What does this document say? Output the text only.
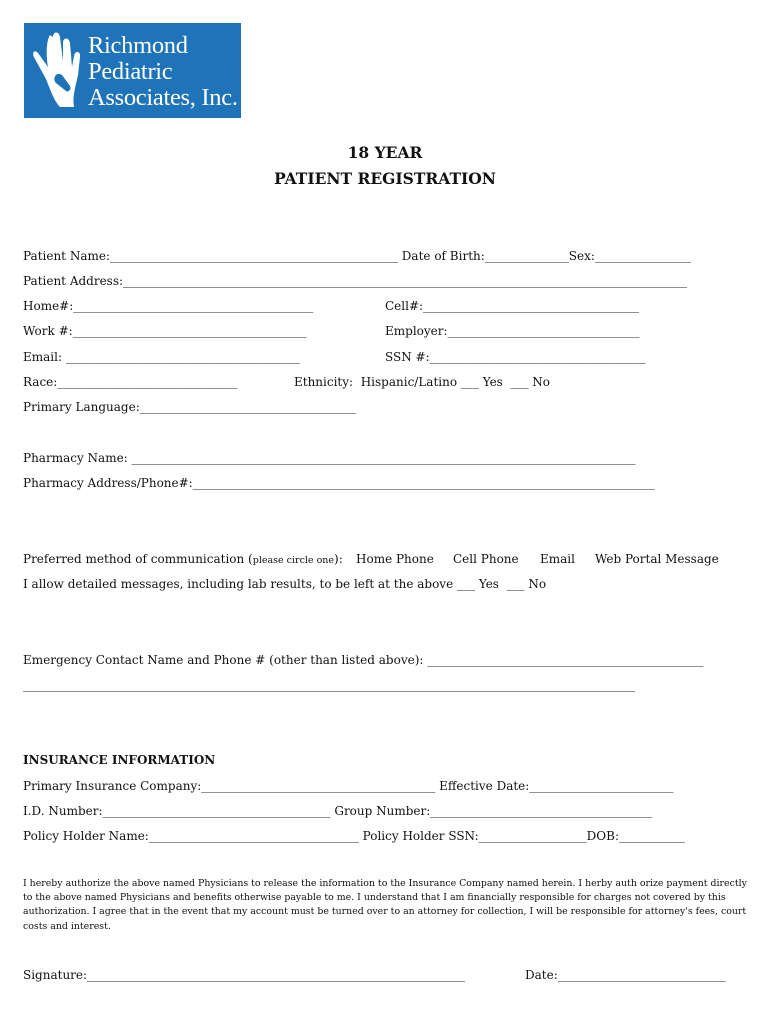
Richmond
Pediatric
Associates, Inc.
18 YEAR
PATIENT REGISTRATION
Patient Name:________________________________________________ Date of Birth:______________Sex:________________
Patient Address:______________________________________________________________________________________________
Home#:________________________________________	Cell#:____________________________________
Work #:_______________________________________	Employer:________________________________
Email: _______________________________________	SSN #:____________________________________
Race:______________________________	Ethnicity:  Hispanic/Latino ___ Yes  ___ No
Primary Language:____________________________________
Pharmacy Name: ____________________________________________________________________________________
Pharmacy Address/Phone#:_____________________________________________________________________________
Preferred method of communication (please circle one): Home Phone Cell Phone Email Web Portal Message
I allow detailed messages, including lab results, to be left at the above ___ Yes  ___ No
Emergency Contact Name and Phone # (other than listed above): ______________________________________________
______________________________________________________________________________________________________
INSURANCE INFORMATION
Primary Insurance Company:_______________________________________ Effective Date:________________________
I.D. Number:______________________________________ Group Number:_____________________________________
Policy Holder Name:___________________________________ Policy Holder SSN:__________________DOB:___________
I hereby authorize the above named Physicians to release the information to the Insurance Company named herein. I herby auth orize payment directly to the above named Physicians and benefits otherwise payable to me. I understand that I am financially responsible for charges not covered by this authorization. I agree that in the event that my account must be turned over to an attorney for collection, I will be responsible for attorney's fees, court costs and interest.
Signature:_______________________________________________________________	Date:____________________________
